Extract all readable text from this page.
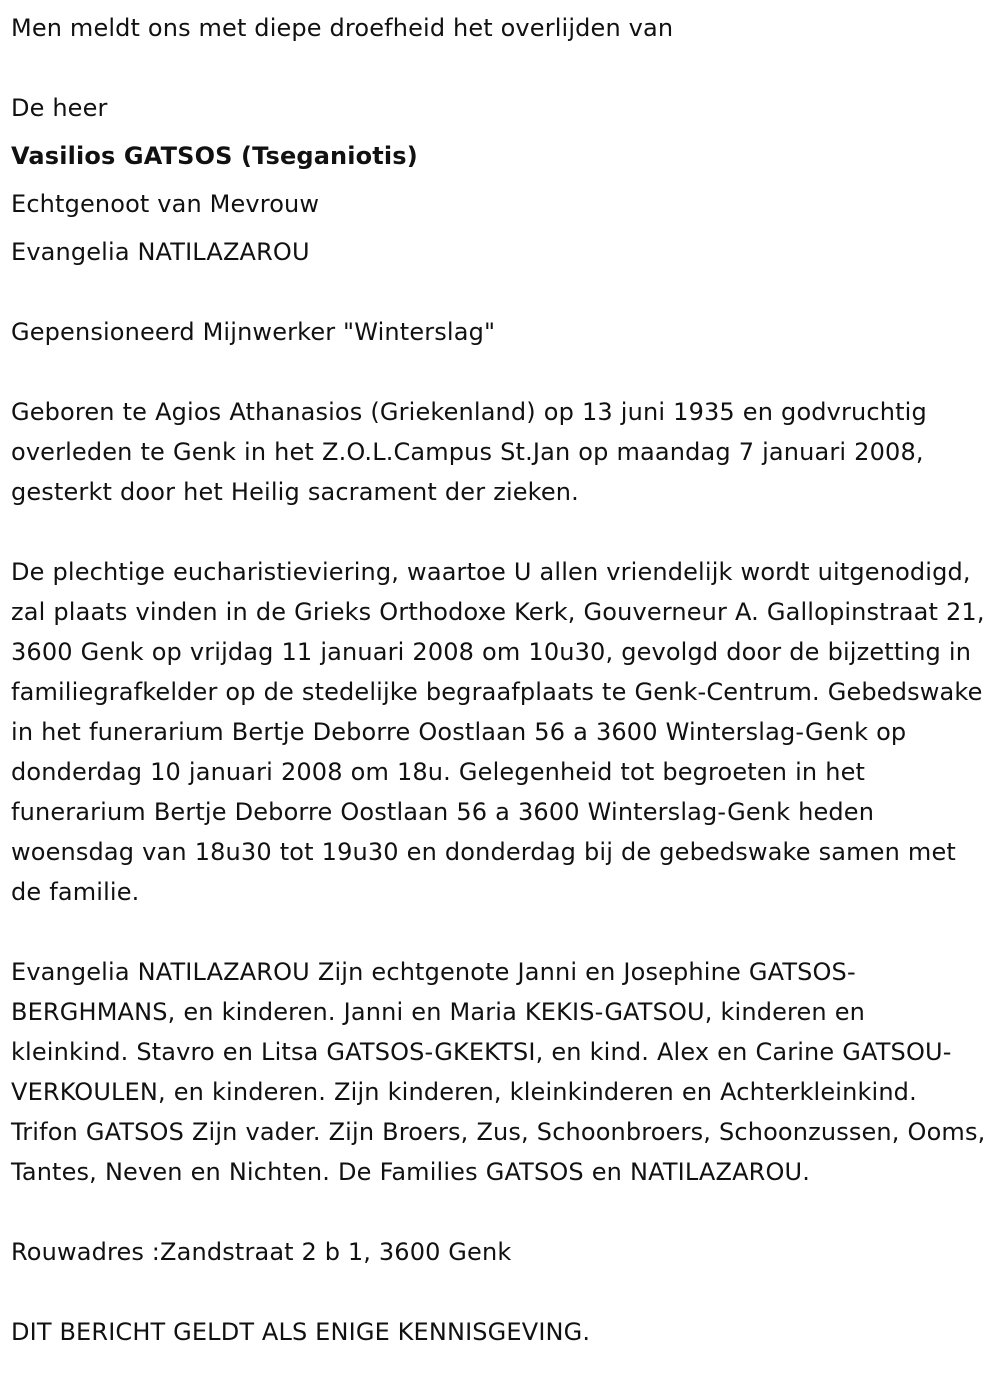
Men meldt ons met diepe droefheid het overlijden van

De heer

Vasilios GATSOS (Tseganiotis)

Echtgenoot van Mevrouw

Evangelia NATILAZAROU

Gepensioneerd Mijnwerker "Winterslag"

Geboren te Agios Athanasios (Griekenland) op 13 juni 1935 en godvruchtig overleden te Genk in het Z.O.L.Campus St.Jan op maandag 7 januari 2008, gesterkt door het Heilig sacrament der zieken.

De plechtige eucharistieviering, waartoe U allen vriendelijk wordt uitgenodigd, zal plaats vinden in de Grieks Orthodoxe Kerk, Gouverneur A. Gallopinstraat 21, 3600 Genk op vrijdag 11 januari 2008 om 10u30, gevolgd door de bijzetting in familiegrafkelder op de stedelijke begraafplaats te Genk-Centrum. Gebedswake in het funerarium Bertje Deborre Oostlaan 56 a 3600 Winterslag-Genk op donderdag 10 januari 2008 om 18u. Gelegenheid tot begroeten in het funerarium Bertje Deborre Oostlaan 56 a 3600 Winterslag-Genk heden woensdag van 18u30 tot 19u30 en donderdag bij de gebedswake samen met de familie.

Evangelia NATILAZAROU Zijn echtgenote Janni en Josephine GATSOS-BERGHMANS, en kinderen. Janni en Maria KEKIS-GATSOU, kinderen en kleinkind. Stavro en Litsa GATSOS-GKEKTSI, en kind. Alex en Carine GATSOU-VERKOULEN, en kinderen. Zijn kinderen, kleinkinderen en Achterkleinkind. Trifon GATSOS Zijn vader. Zijn Broers, Zus, Schoonbroers, Schoonzussen, Ooms, Tantes, Neven en Nichten. De Families GATSOS en NATILAZAROU.

Rouwadres :Zandstraat 2 b 1, 3600 Genk

DIT BERICHT GELDT ALS ENIGE KENNISGEVING.
